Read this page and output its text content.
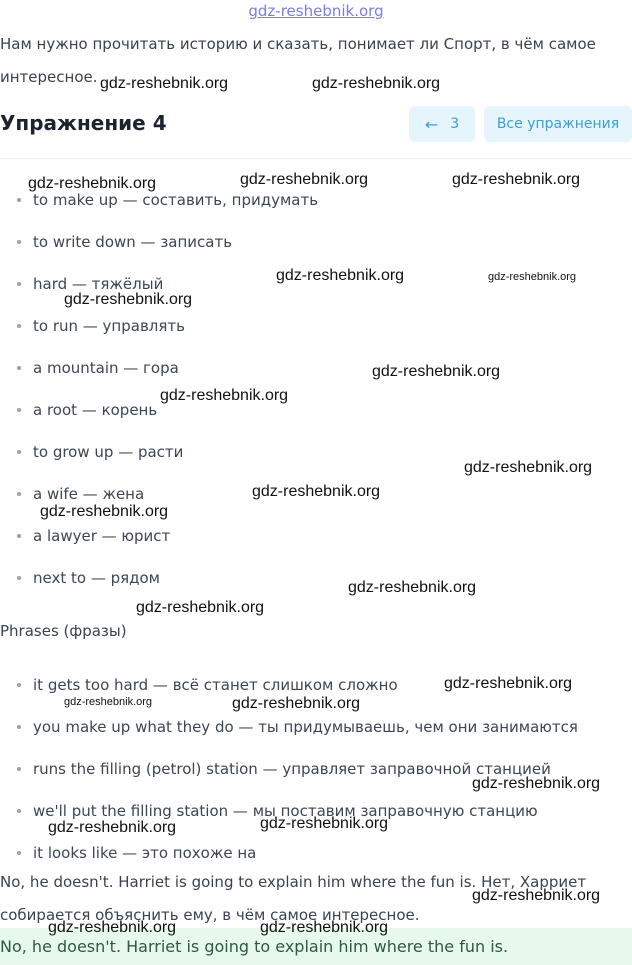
gdz-reshebnik.org
Нам нужно прочитать историю и сказать, понимает ли Спорт, в чём самое интересное.
Упражнение 4	← 3	Все упражнения
to make up — составить, придумать
to write down — записать
hard — тяжёлый
to run — управлять
a mountain — гора
a root — корень
to grow up — расти
a wife — жена
a lawyer — юрист
next to — рядом
Phrases (фразы)
it gets too hard — всё станет слишком сложно
you make up what they do — ты придумываешь, чем они занимаются
runs the filling (petrol) station — управляет заправочной станцией
we'll put the filling station — мы поставим заправочную станцию
it looks like — это похоже на
No, he doesn't. Harriet is going to explain him where the fun is. Нет, Харриет собирается объяснить ему, в чём самое интересное.
No, he doesn't. Harriet is going to explain him where the fun is.
gdz-reshebnik.org	gdz-reshebnik.org
gdz-reshebnik.org	gdz-reshebnik.org	gdz-reshebnik.org
gdz-reshebnik.org	gdz-reshebnik.org
gdz-reshebnik.org
gdz-reshebnik.org
gdz-reshebnik.org
gdz-reshebnik.org
gdz-reshebnik.org
gdz-reshebnik.org
gdz-reshebnik.org
gdz-reshebnik.org
gdz-reshebnik.org
gdz-reshebnik.org	gdz-reshebnik.org
gdz-reshebnik.org
gdz-reshebnik.org	gdz-reshebnik.org
gdz-reshebnik.org
gdz-reshebnik.org	gdz-reshebnik.org
